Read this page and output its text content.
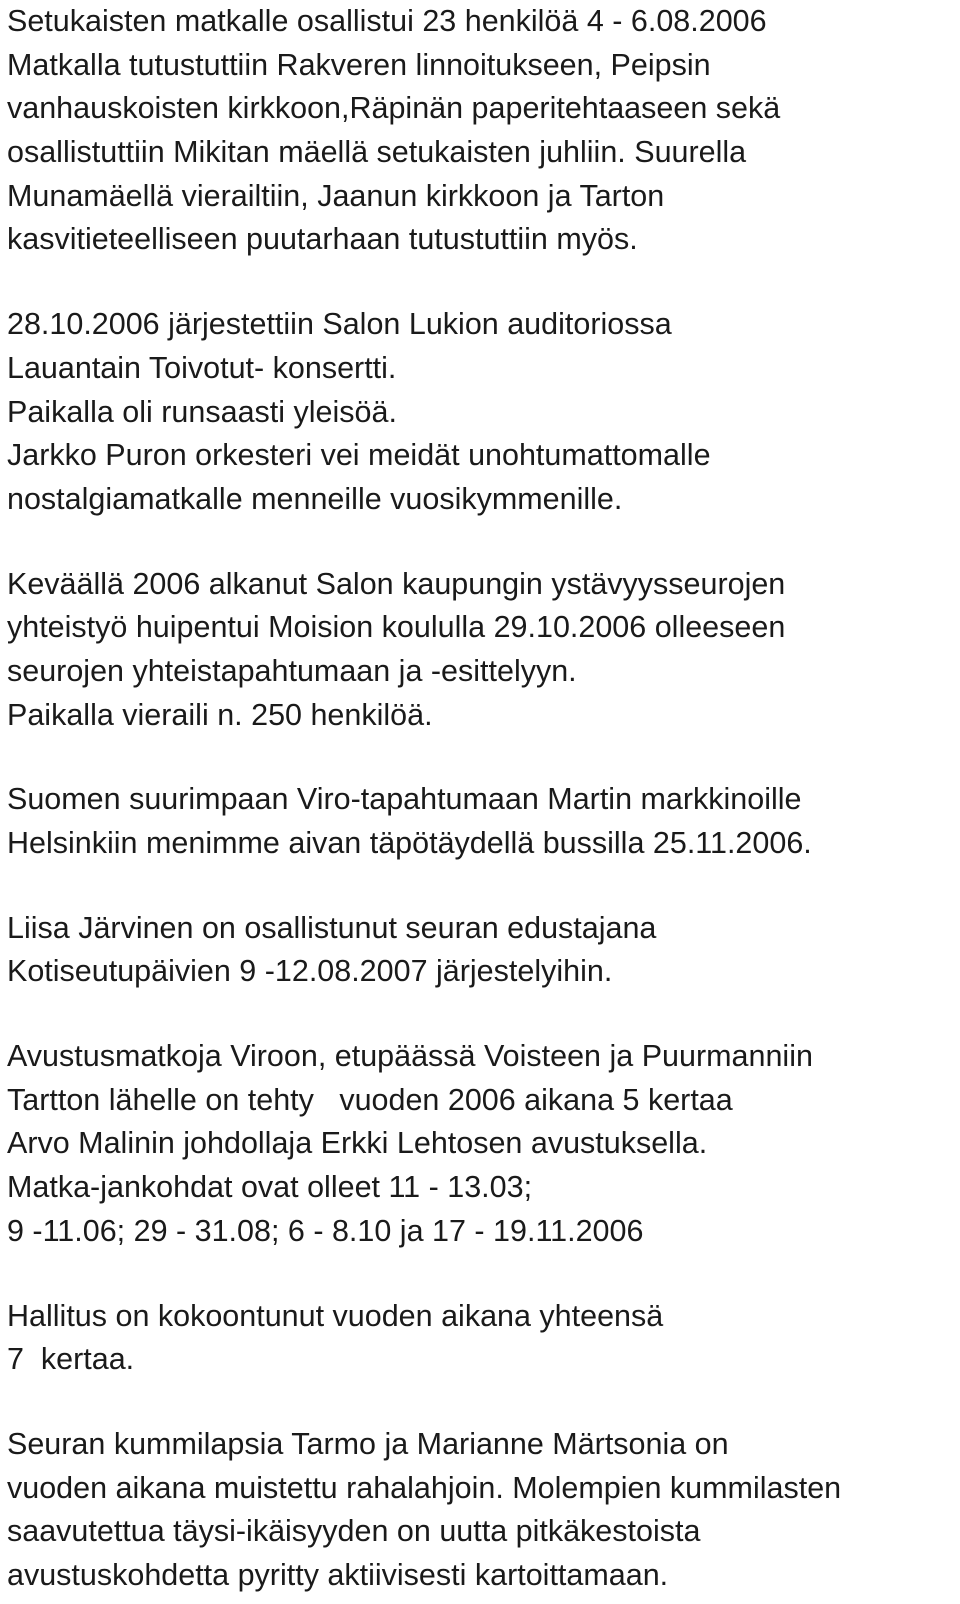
Setukaisten matkalle osallistui 23 henkilöä 4 - 6.08.2006
Matkalla tutustuttiin Rakveren linnoitukseen, Peipsin
vanhauskoisten kirkkoon,Räpinän paperitehtaaseen sekä
osallistuttiin Mikitan mäellä setukaisten juhliin. Suurella
Munamäellä vierailtiin, Jaanun kirkkoon ja Tarton
kasvitieteelliseen puutarhaan tutustuttiin myös.
28.10.2006 järjestettiin Salon Lukion auditoriossa
Lauantain Toivotut- konsertti.
Paikalla oli runsaasti yleisöä.
Jarkko Puron orkesteri vei meidät unohtumattomalle
nostalgiamatkalle menneille vuosikymmenille.
Keväällä 2006 alkanut Salon kaupungin ystävyysseurojen
yhteistyö huipentui Moision koululla 29.10.2006 olleeseen
seurojen yhteistapahtumaan ja -esittelyyn.
Paikalla vieraili n. 250 henkilöä.
Suomen suurimpaan Viro-tapahtumaan Martin markkinoille
Helsinkiin menimme aivan täpötäydellä bussilla 25.11.2006.
Liisa Järvinen on osallistunut seuran edustajana
Kotiseutupäivien 9 -12.08.2007 järjestelyihin.
Avustusmatkoja Viroon, etupäässä Voisteen ja Puurmanniin
Tartton lähelle on tehty   vuoden 2006 aikana 5 kertaa
Arvo Malinin johdollaja Erkki Lehtosen avustuksella.
Matka-jankohdat ovat olleet 11 - 13.03;
9 -11.06; 29 - 31.08; 6 - 8.10 ja 17 - 19.11.2006
Hallitus on kokoontunut vuoden aikana yhteensä
7  kertaa.
Seuran kummilapsia Tarmo ja Marianne Märtsonia on
vuoden aikana muistettu rahalahjoin. Molempien kummilasten
saavutettua täysi-ikäisyyden on uutta pitkäkestoista
avustuskohdetta pyritty aktiivisesti kartoittamaan.
